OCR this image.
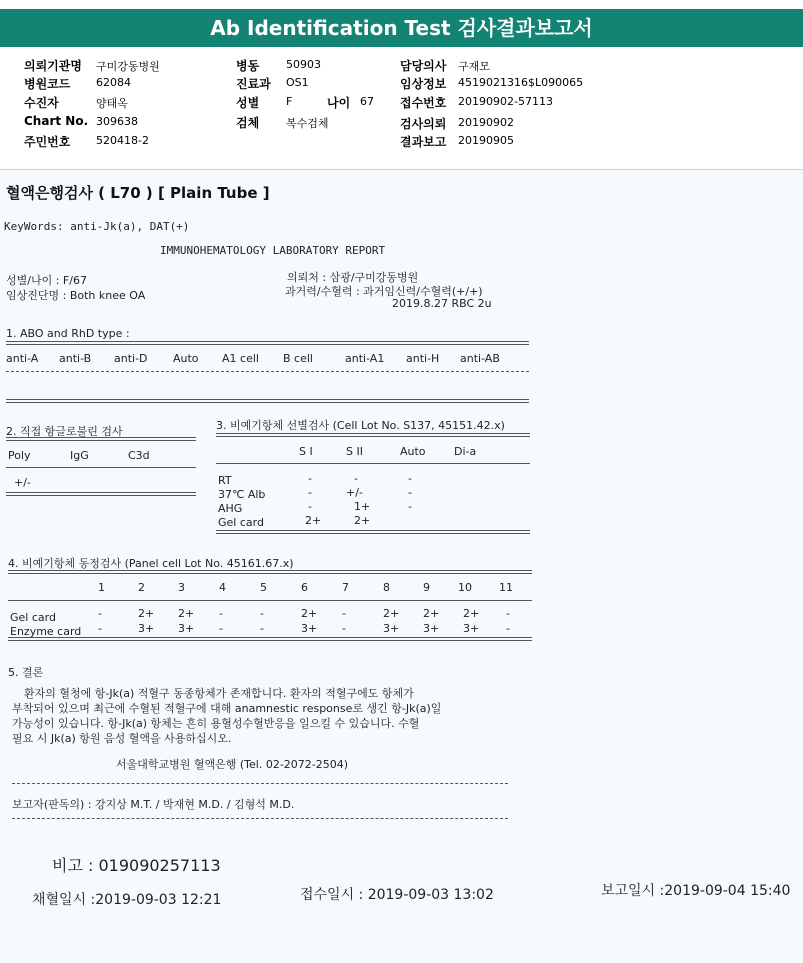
Ab Identification Test 검사결과보고서
의뢰기관명 구미강동병원
병원코드 62084
수진자	양태옥
Chart No. 309638
주민번호 520418-2
병동 50903
진료과 OS1
성별 F	나이 67
검체 복수검체
담당의사 구재모
임상정보 4519021316$L090065
접수번호 20190902-57113
검사의뢰 20190902
결과보고 20190905
혈액은행검사 ( L70 ) [ Plain Tube ]
KeyWords: anti-Jk(a), DAT(+)
IMMUNOHEMATOLOGY LABORATORY REPORT
성별/나이 : F/67
임상진단명 : Both knee OA
의뢰처 : 삼광/구미강동병원
과거력/수혈력 : 과거임신력/수혈력(+/+)
2019.8.27 RBC 2u
1. ABO and RhD type :
anti-A anti-B anti-D Auto A1 cell B cell	anti-A1 anti-H anti-AB
2. 직접 항글로불린 검사
Poly	IgG	C3d
+/-
3. 비예기항체 선별검사 (Cell Lot No. S137, 45151.42.x)
S I	S II	Auto	Di-a
RT	-	-	-
37℃ Alb	-	+/-	-
AHG	-	1+	-
Gel card	2+	2+
4. 비예기항체 동정검사 (Panel cell Lot No. 45161.67.x)
1	2	3	4	5	6	7	8	9	10 11
Gel card	-	2+ 2+ -	-	2+ -	2+ 2+ 2+ -
Enzyme card -	3+ 3+ -	-	3+ -	3+ 3+ 3+ -
5. 결론
환자의 혈청에 항-Jk(a) 적혈구 동종항체가 존재합니다. 환자의 적혈구에도 항체가
부착되어 있으며 최근에 수혈된 적혈구에 대해 anamnestic response로 생긴 항-Jk(a)일
가능성이 있습니다. 항-Jk(a) 항체는 흔히 용혈성수혈반응을 일으킬 수 있습니다. 수혈
필요 시 Jk(a) 항원 음성 혈액을 사용하십시오.
서울대학교병원 혈액은행 (Tel. 02-2072-2504)
보고자(판독의) : 강지상 M.T. / 박재현 M.D. / 김형석 M.D.
비고 : 019090257113
채혈일시 :2019-09-03 12:21	접수일시 : 2019-09-03 13:02	보고일시 :2019-09-04 15:40
